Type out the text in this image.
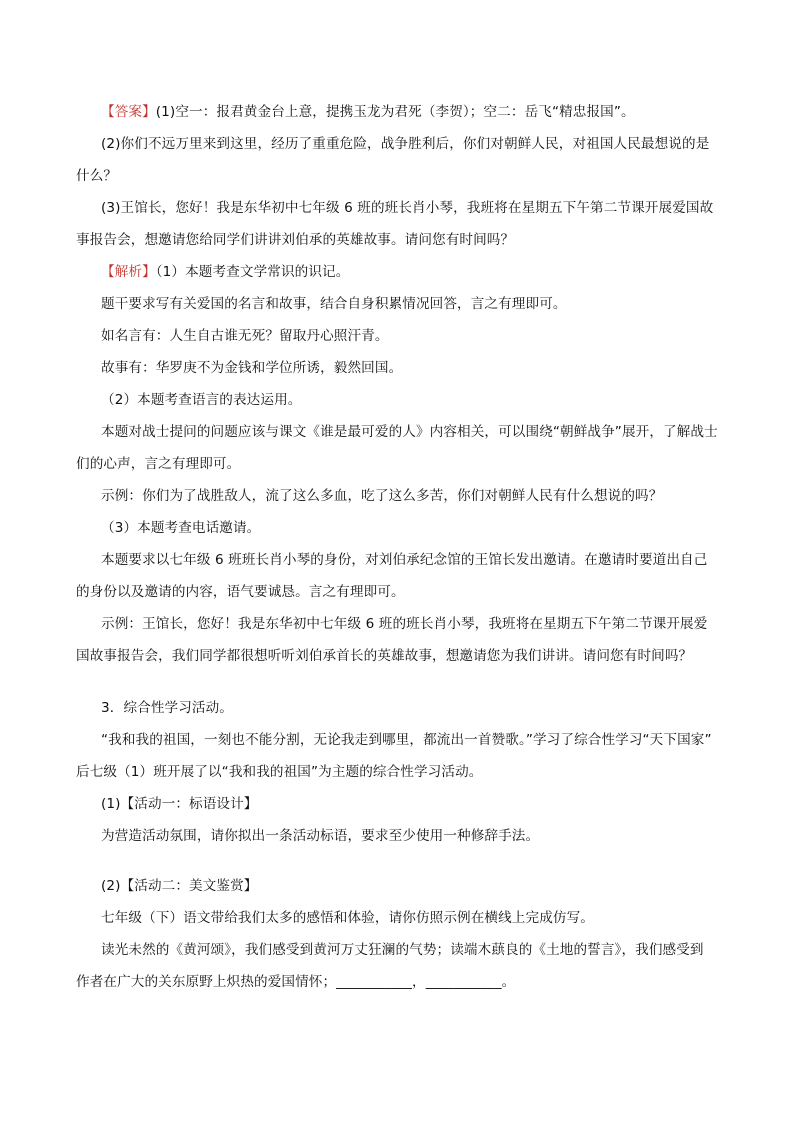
【答案】(1)空一：报君黄金台上意，提携玉龙为君死（李贺）；空二：岳飞“精忠报国”。

(2)你们不远万里来到这里，经历了重重危险，战争胜利后，你们对朝鲜人民，对祖国人民最想说的是

什么？

(3)王馆长，您好！我是东华初中七年级 6 班的班长肖小琴，我班将在星期五下午第二节课开展爱国故

事报告会，想邀请您给同学们讲讲刘伯承的英雄故事。请问您有时间吗？

【解析】（1）本题考查文学常识的识记。

题干要求写有关爱国的名言和故事，结合自身积累情况回答，言之有理即可。

如名言有：人生自古谁无死？留取丹心照汗青。

故事有：华罗庚不为金钱和学位所诱，毅然回国。

（2）本题考查语言的表达运用。

本题对战士提问的问题应该与课文《谁是最可爱的人》内容相关，可以围绕“朝鲜战争”展开，了解战士

们的心声，言之有理即可。

示例：你们为了战胜敌人，流了这么多血，吃了这么多苦，你们对朝鲜人民有什么想说的吗？

（3）本题考查电话邀请。

本题要求以七年级 6 班班长肖小琴的身份，对刘伯承纪念馆的王馆长发出邀请。在邀请时要道出自己

的身份以及邀请的内容，语气要诚恳。言之有理即可。

示例：王馆长，您好！我是东华初中七年级 6 班的班长肖小琴，我班将在星期五下午第二节课开展爱

国故事报告会，我们同学都很想听听刘伯承首长的英雄故事，想邀请您为我们讲讲。请问您有时间吗？

3．综合性学习活动。

“我和我的祖国，一刻也不能分割，无论我走到哪里，都流出一首赞歌。”学习了综合性学习“天下国家”

后七级（1）班开展了以“我和我的祖国”为主题的综合性学习活动。

(1)【活动一：标语设计】

为营造活动氛围，请你拟出一条活动标语，要求至少使用一种修辞手法。

(2)【活动二：美文鉴赏】

七年级（下）语文带给我们太多的感悟和体验，请你仿照示例在横线上完成仿写。

读光未然的《黄河颂》，我们感受到黄河万丈狂澜的气势；读端木蕻良的《土地的誓言》，我们感受到

作者在广大的关东原野上炽热的爱国情怀；___________，___________。
